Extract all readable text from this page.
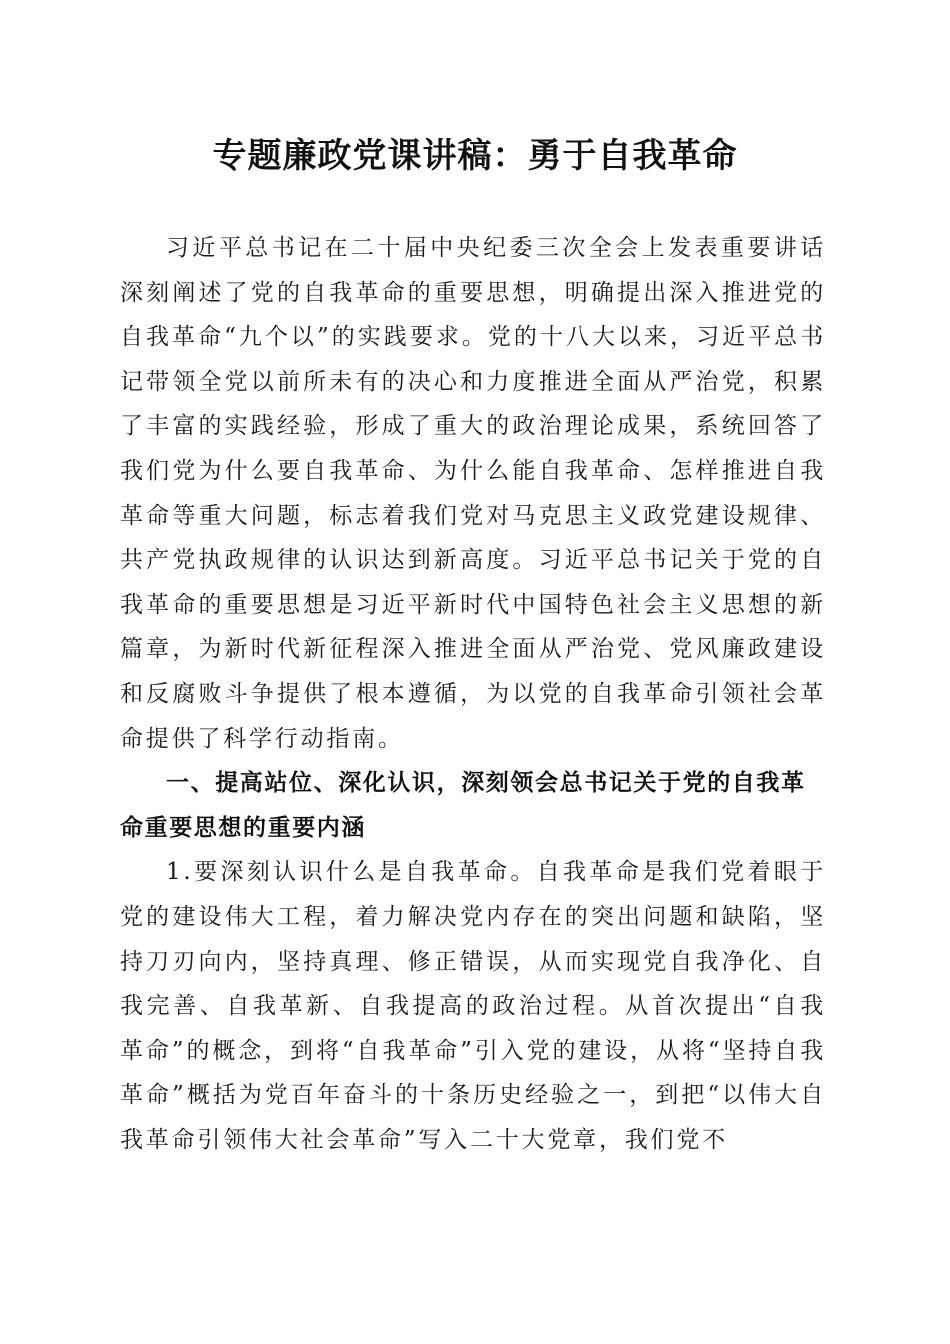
专题廉政党课讲稿：勇于自我革命

习近平总书记在二十届中央纪委三次全会上发表重要讲话深刻阐述了党的自我革命的重要思想，明确提出深入推进党的自我革命“九个以”的实践要求。党的十八大以来，习近平总书记带领全党以前所未有的决心和力度推进全面从严治党，积累了丰富的实践经验，形成了重大的政治理论成果，系统回答了我们党为什么要自我革命、为什么能自我革命、怎样推进自我革命等重大问题，标志着我们党对马克思主义政党建设规律、共产党执政规律的认识达到新高度。习近平总书记关于党的自我革命的重要思想是习近平新时代中国特色社会主义思想的新篇章，为新时代新征程深入推进全面从严治党、党风廉政建设和反腐败斗争提供了根本遵循，为以党的自我革命引领社会革命提供了科学行动指南。

一、提高站位、深化认识，深刻领会总书记关于党的自我革命重要思想的重要内涵

1.要深刻认识什么是自我革命。自我革命是我们党着眼于党的建设伟大工程，着力解决党内存在的突出问题和缺陷，坚持刀刃向内，坚持真理、修正错误，从而实现党自我净化、自我完善、自我革新、自我提高的政治过程。从首次提出“自我革命”的概念，到将“自我革命”引入党的建设，从将“坚持自我革命”概括为党百年奋斗的十条历史经验之一，到把“以伟大自我革命引领伟大社会革命”写入二十大党章，我们党不
